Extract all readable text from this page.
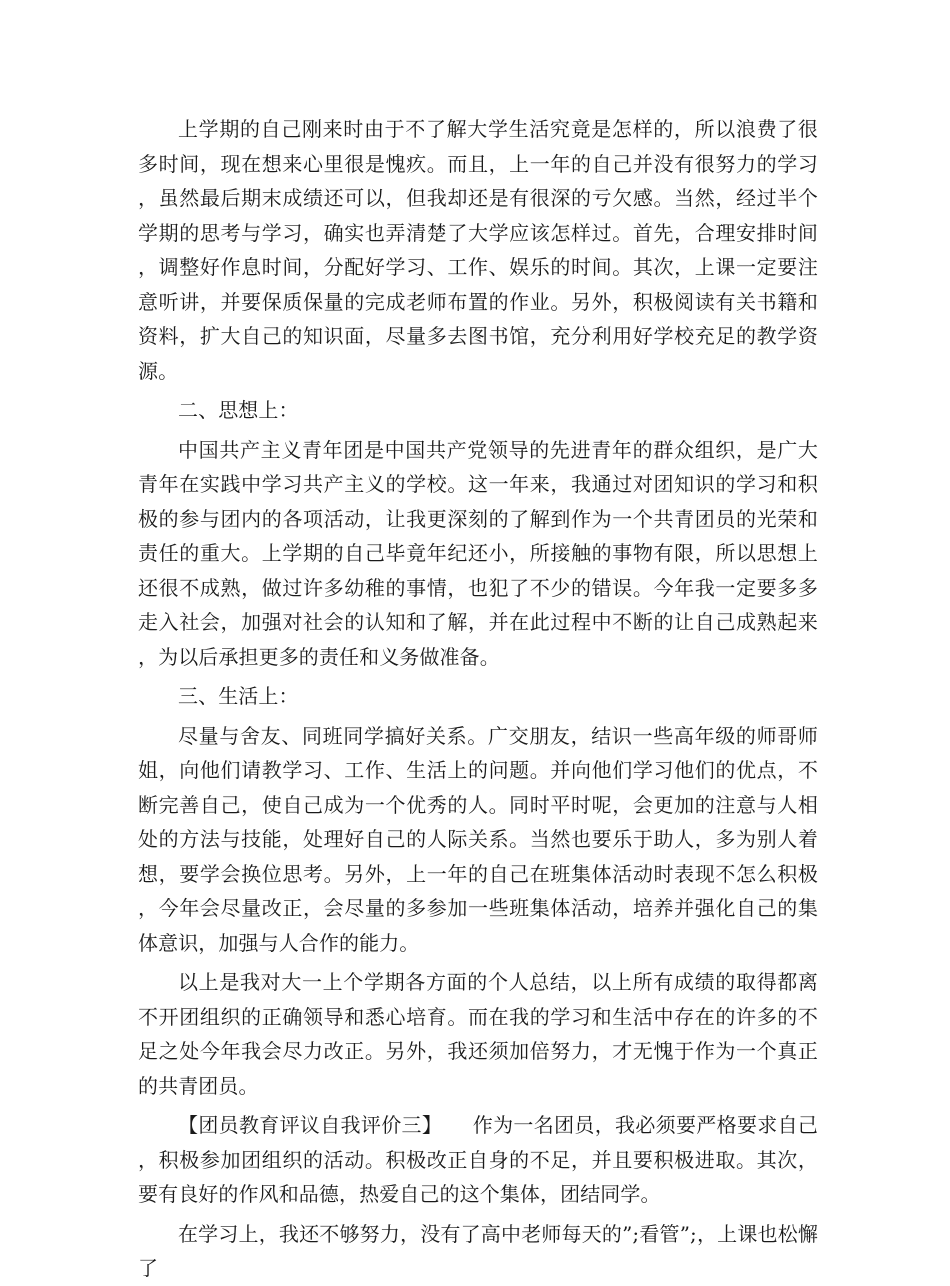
上学期的自己刚来时由于不了解大学生活究竟是怎样的，所以浪费了很多时间，现在想来心里很是愧疚。而且，上一年的自己并没有很努力的学习，虽然最后期末成绩还可以，但我却还是有很深的亏欠感。当然，经过半个学期的思考与学习，确实也弄清楚了大学应该怎样过。首先，合理安排时间，调整好作息时间，分配好学习、工作、娱乐的时间。其次，上课一定要注意听讲，并要保质保量的完成老师布置的作业。另外，积极阅读有关书籍和资料，扩大自己的知识面，尽量多去图书馆，充分利用好学校充足的教学资源。

二、思想上：

中国共产主义青年团是中国共产党领导的先进青年的群众组织，是广大青年在实践中学习共产主义的学校。这一年来，我通过对团知识的学习和积极的参与团内的各项活动，让我更深刻的了解到作为一个共青团员的光荣和责任的重大。上学期的自己毕竟年纪还小，所接触的事物有限，所以思想上还很不成熟，做过许多幼稚的事情，也犯了不少的错误。今年我一定要多多走入社会，加强对社会的认知和了解，并在此过程中不断的让自己成熟起来，为以后承担更多的责任和义务做准备。

三、生活上：

尽量与舍友、同班同学搞好关系。广交朋友，结识一些高年级的师哥师姐，向他们请教学习、工作、生活上的问题。并向他们学习他们的优点，不断完善自己，使自己成为一个优秀的人。同时平时呢，会更加的注意与人相处的方法与技能，处理好自己的人际关系。当然也要乐于助人，多为别人着想，要学会换位思考。另外，上一年的自己在班集体活动时表现不怎么积极，今年会尽量改正，会尽量的多参加一些班集体活动，培养并强化自己的集体意识，加强与人合作的能力。

以上是我对大一上个学期各方面的个人总结，以上所有成绩的取得都离不开团组织的正确领导和悉心培育。而在我的学习和生活中存在的许多的不足之处今年我会尽力改正。另外，我还须加倍努力，才无愧于作为一个真正的共青团员。

【团员教育评议自我评价三】　　作为一名团员，我必须要严格要求自己，积极参加团组织的活动。积极改正自身的不足，并且要积极进取。其次，要有良好的作风和品德，热爱自己的这个集体，团结同学。

在学习上，我还不够努力，没有了高中老师每天的”;看管”;，上课也松懈了
